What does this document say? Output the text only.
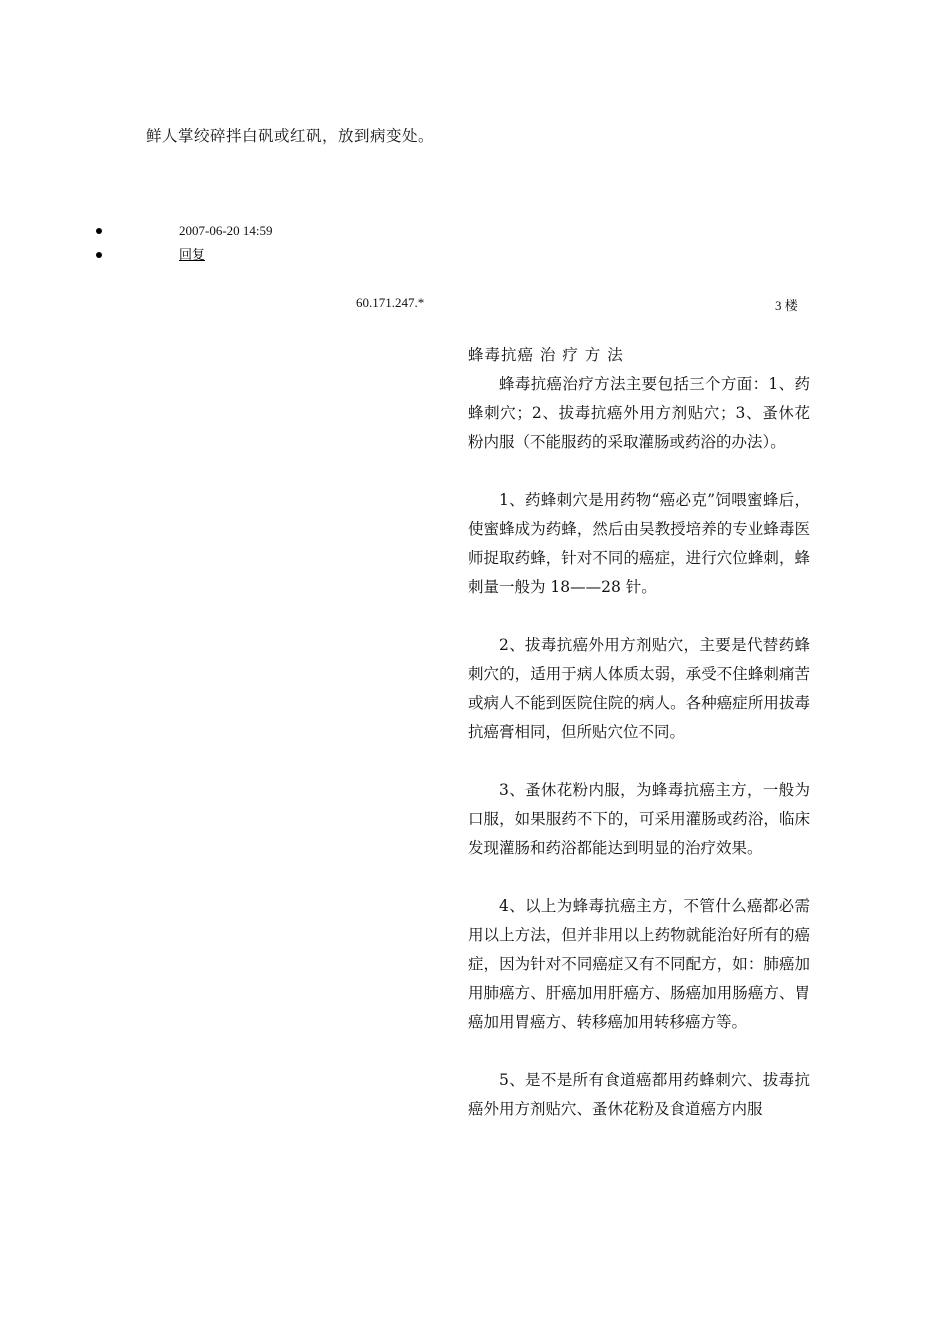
鲜人掌绞碎拌白矾或红矾，放到病变处。
2007-06-20 14:59
回复
60.171.247.*	3 楼
蜂毒抗癌 治 疗 方 法

蜂毒抗癌治疗方法主要包括三个方面：1、药蜂刺穴；2、拔毒抗癌外用方剂贴穴；3、蚤休花粉内服（不能服药的采取灌肠或药浴的办法）。

1、药蜂刺穴是用药物“癌必克”饲喂蜜蜂后，使蜜蜂成为药蜂，然后由吴教授培养的专业蜂毒医师捉取药蜂，针对不同的癌症，进行穴位蜂刺，蜂刺量一般为 18——28 针。

2、拔毒抗癌外用方剂贴穴，主要是代替药蜂刺穴的，适用于病人体质太弱，承受不住蜂刺痛苦或病人不能到医院住院的病人。各种癌症所用拔毒抗癌膏相同，但所贴穴位不同。

3、蚤休花粉内服，为蜂毒抗癌主方，一般为口服，如果服药不下的，可采用灌肠或药浴，临床发现灌肠和药浴都能达到明显的治疗效果。

4、以上为蜂毒抗癌主方，不管什么癌都必需用以上方法，但并非用以上药物就能治好所有的癌症，因为针对不同癌症又有不同配方，如：肺癌加用肺癌方、肝癌加用肝癌方、肠癌加用肠癌方、胃癌加用胃癌方、转移癌加用转移癌方等。

5、是不是所有食道癌都用药蜂刺穴、拔毒抗癌外用方剂贴穴、蚤休花粉及食道癌方内服
